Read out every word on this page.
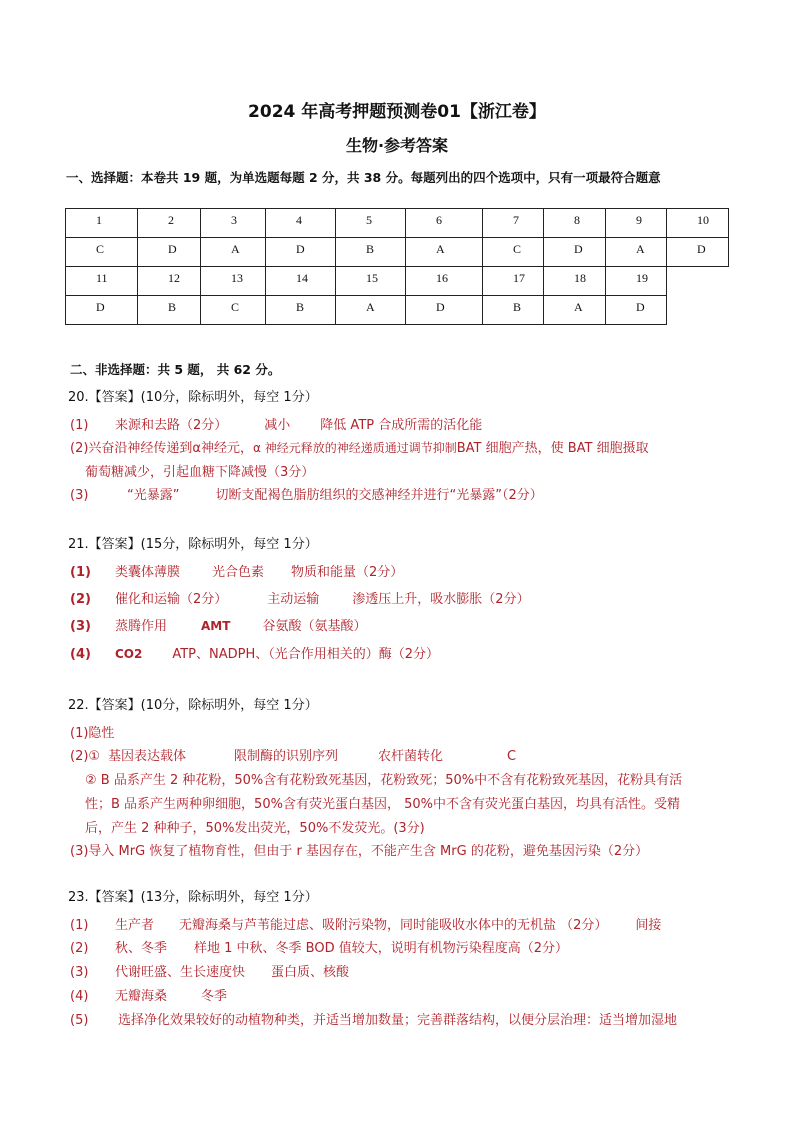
2024 年高考押题预测卷01【浙江卷】
生物·参考答案
一、选择题：本卷共 19 题，为单选题每题 2 分，共 38 分。每题列出的四个选项中，只有一项最符合题意
1	2	3	4	5	6	7	8	9	10
C	D	A	D	B	A	C	D	A	D
11	12	13	14	15	16	17	18	19	
D	B	C	B	A	D	B	A	D	
二、非选择题：共 5 题， 共 62 分。
20.【答案】(10分，除标明外，每空 1分）
(1) 来源和去路（2分）	减小 降低 ATP 合成所需的活化能
(2)兴奋沿神经传递到α神经元，α 神经元释放的神经递质通过调节抑制BAT 细胞产热，使 BAT 细胞摄取
葡萄糖减少，引起血糖下降减慢（3分）
(3)	“光暴露”	切断支配褐色脂肪组织的交感神经并进行“光暴露”（2分）
21.【答案】(15分，除标明外，每空 1分）
(1) 类囊体薄膜 光合色素 物质和能量（2分）
(2) 催化和运输（2分）	主动运输	渗透压上升，吸水膨胀（2分）
(3) 蒸腾作用	AMT 谷氨酸（氨基酸）
(4) CO2 ATP、NADPH、（光合作用相关的）酶（2分）
22.【答案】(10分，除标明外，每空 1分）
(1)隐性
(2)① 基因表达载体	限制酶的识别序列	农杆菌转化	C
② B 品系产生 2 种花粉，50%含有花粉致死基因，花粉致死；50%中不含有花粉致死基因，花粉具有活
性；B 品系产生两种卵细胞，50%含有荧光蛋白基因， 50%中不含有荧光蛋白基因，均具有活性。受精
后，产生 2 种种子，50%发出荧光，50%不发荧光。(3分)
(3)导入 MrG 恢复了植物育性，但由于 r 基因存在，不能产生含 MrG 的花粉，避免基因污染（2分）
23.【答案】(13分，除标明外，每空 1分）
(1) 生产者 无瓣海桑与芦苇能过虑、吸附污染物，同时能吸收水体中的无机盐 （2分） 间接
(2) 秋、冬季 样地 1 中秋、冬季 BOD 值较大，说明有机物污染程度高（2分）
(3) 代谢旺盛、生长速度快 蛋白质、核酸
(4) 无瓣海桑	冬季
(5) 选择净化效果较好的动植物种类，并适当增加数量；完善群落结构，以便分层治理：适当增加湿地
